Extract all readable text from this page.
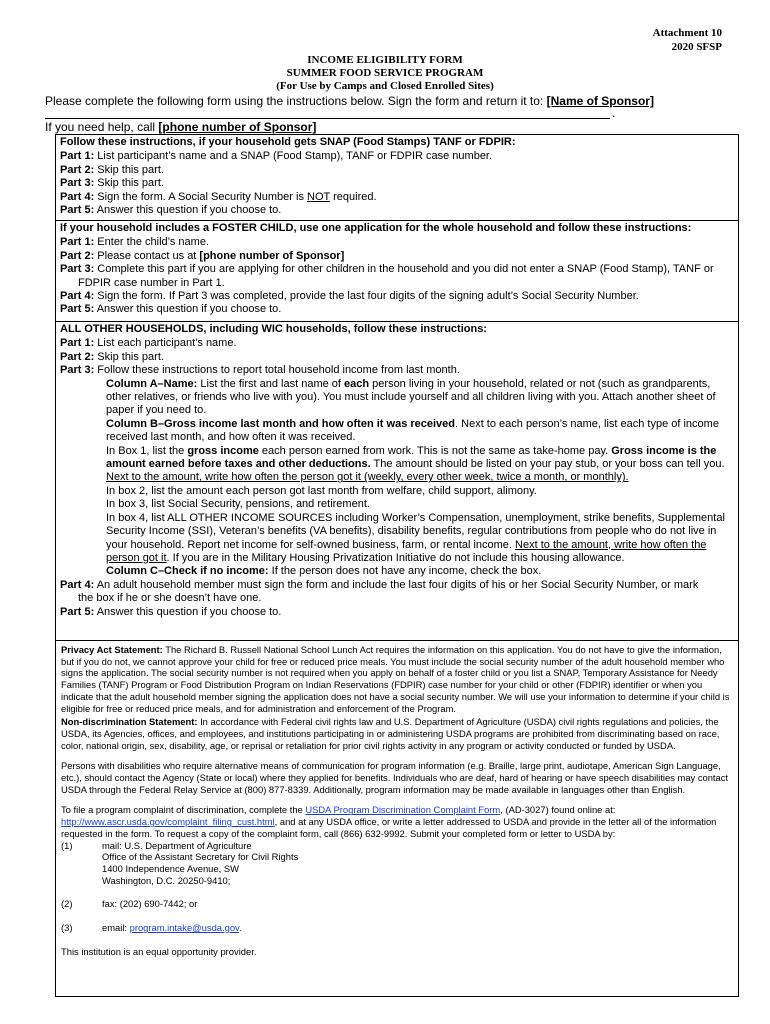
Attachment 10
2020 SFSP
INCOME ELIGIBILITY FORM
SUMMER FOOD SERVICE PROGRAM
(For Use by Camps and Closed Enrolled Sites)
Please complete the following form using the instructions below. Sign the form and return it to: [Name of Sponsor]
.
If you need help, call [phone number of Sponsor]
Follow these instructions, if your household gets SNAP (Food Stamps) TANF or FDPIR:

Part 1: List participant’s name and a SNAP (Food Stamp), TANF or FDPIR case number.

Part 2: Skip this part.

Part 3: Skip this part.

Part 4: Sign the form. A Social Security Number is NOT required.

Part 5: Answer this question if you choose to.

If your household includes a FOSTER CHILD, use one application for the whole household and follow these instructions:

Part 1: Enter the child’s name.

Part 2: Please contact us at [phone number of Sponsor]

Part 3: Complete this part if you are applying for other children in the household and you did not enter a SNAP (Food Stamp), TANF or

FDPIR case number in Part 1.

Part 4: Sign the form. If Part 3 was completed, provide the last four digits of the signing adult’s Social Security Number.

Part 5: Answer this question if you choose to.

ALL OTHER HOUSEHOLDS, including WIC households, follow these instructions:

Part 1: List each participant’s name.

Part 2: Skip this part.

Part 3: Follow these instructions to report total household income from last month.

Column A–Name: List the first and last name of each person living in your household, related or not (such as grandparents, other relatives, or friends who live with you). You must include yourself and all children living with you. Attach another sheet of paper if you need to.

Column B–Gross income last month and how often it was received. Next to each person’s name, list each type of income received last month, and how often it was received.

In Box 1, list the gross income each person earned from work. This is not the same as take-home pay. Gross income is the amount earned before taxes and other deductions. The amount should be listed on your pay stub, or your boss can tell you. Next to the amount, write how often the person got it (weekly, every other week, twice a month, or monthly).

In box 2, list the amount each person got last month from welfare, child support, alimony.

In box 3, list Social Security, pensions, and retirement.

In box 4, list ALL OTHER INCOME SOURCES including Worker’s Compensation, unemployment, strike benefits, Supplemental Security Income (SSI), Veteran’s benefits (VA benefits), disability benefits, regular contributions from people who do not live in your household. Report net income for self-owned business, farm, or rental income. Next to the amount, write how often the person got it. If you are in the Military Housing Privatization Initiative do not include this housing allowance.

Column C–Check if no income: If the person does not have any income, check the box.

Part 4: An adult household member must sign the form and include the last four digits of his or her Social Security Number, or mark

the box if he or she doesn’t have one.

Part 5: Answer this question if you choose to.

Privacy Act Statement: The Richard B. Russell National School Lunch Act requires the information on this application. You do not have to give the information, but if you do not, we cannot approve your child for free or reduced price meals. You must include the social security number of the adult household member who signs the application. The social security number is not required when you apply on behalf of a foster child or you list a SNAP, Temporary Assistance for Needy Families (TANF) Program or Food Distribution Program on Indian Reservations (FDPIR) case number for your child or other (FDPIR) identifier or when you indicate that the adult household member signing the application does not have a social security number. We will use your information to determine if your child is eligible for free or reduced price meals, and for administration and enforcement of the Program.

Non-discrimination Statement: In accordance with Federal civil rights law and U.S. Department of Agriculture (USDA) civil rights regulations and policies, the USDA, its Agencies, offices, and employees, and institutions participating in or administering USDA programs are prohibited from discriminating based on race, color, national origin, sex, disability, age, or reprisal or retaliation for prior civil rights activity in any program or activity conducted or funded by USDA.

Persons with disabilities who require alternative means of communication for program information (e.g. Braille, large print, audiotape, American Sign Language, etc.), should contact the Agency (State or local) where they applied for benefits. Individuals who are deaf, hard of hearing or have speech disabilities may contact USDA through the Federal Relay Service at (800) 877-8339. Additionally, program information may be made available in languages other than English.

To file a program complaint of discrimination, complete the USDA Program Discrimination Complaint Form, (AD-3027) found online at: http://www.ascr.usda.gov/complaint_filing_cust.html, and at any USDA office, or write a letter addressed to USDA and provide in the letter all of the information requested in the form. To request a copy of the complaint form, call (866) 632-9992. Submit your completed form or letter to USDA by:

(1)	mail: U.S. Department of Agriculture
Office of the Assistant Secretary for Civil Rights
1400 Independence Avenue, SW
Washington, D.C. 20250-9410;
(2)	fax: (202) 690-7442; or
(3)	email: program.intake@usda.gov.

This institution is an equal opportunity provider.
